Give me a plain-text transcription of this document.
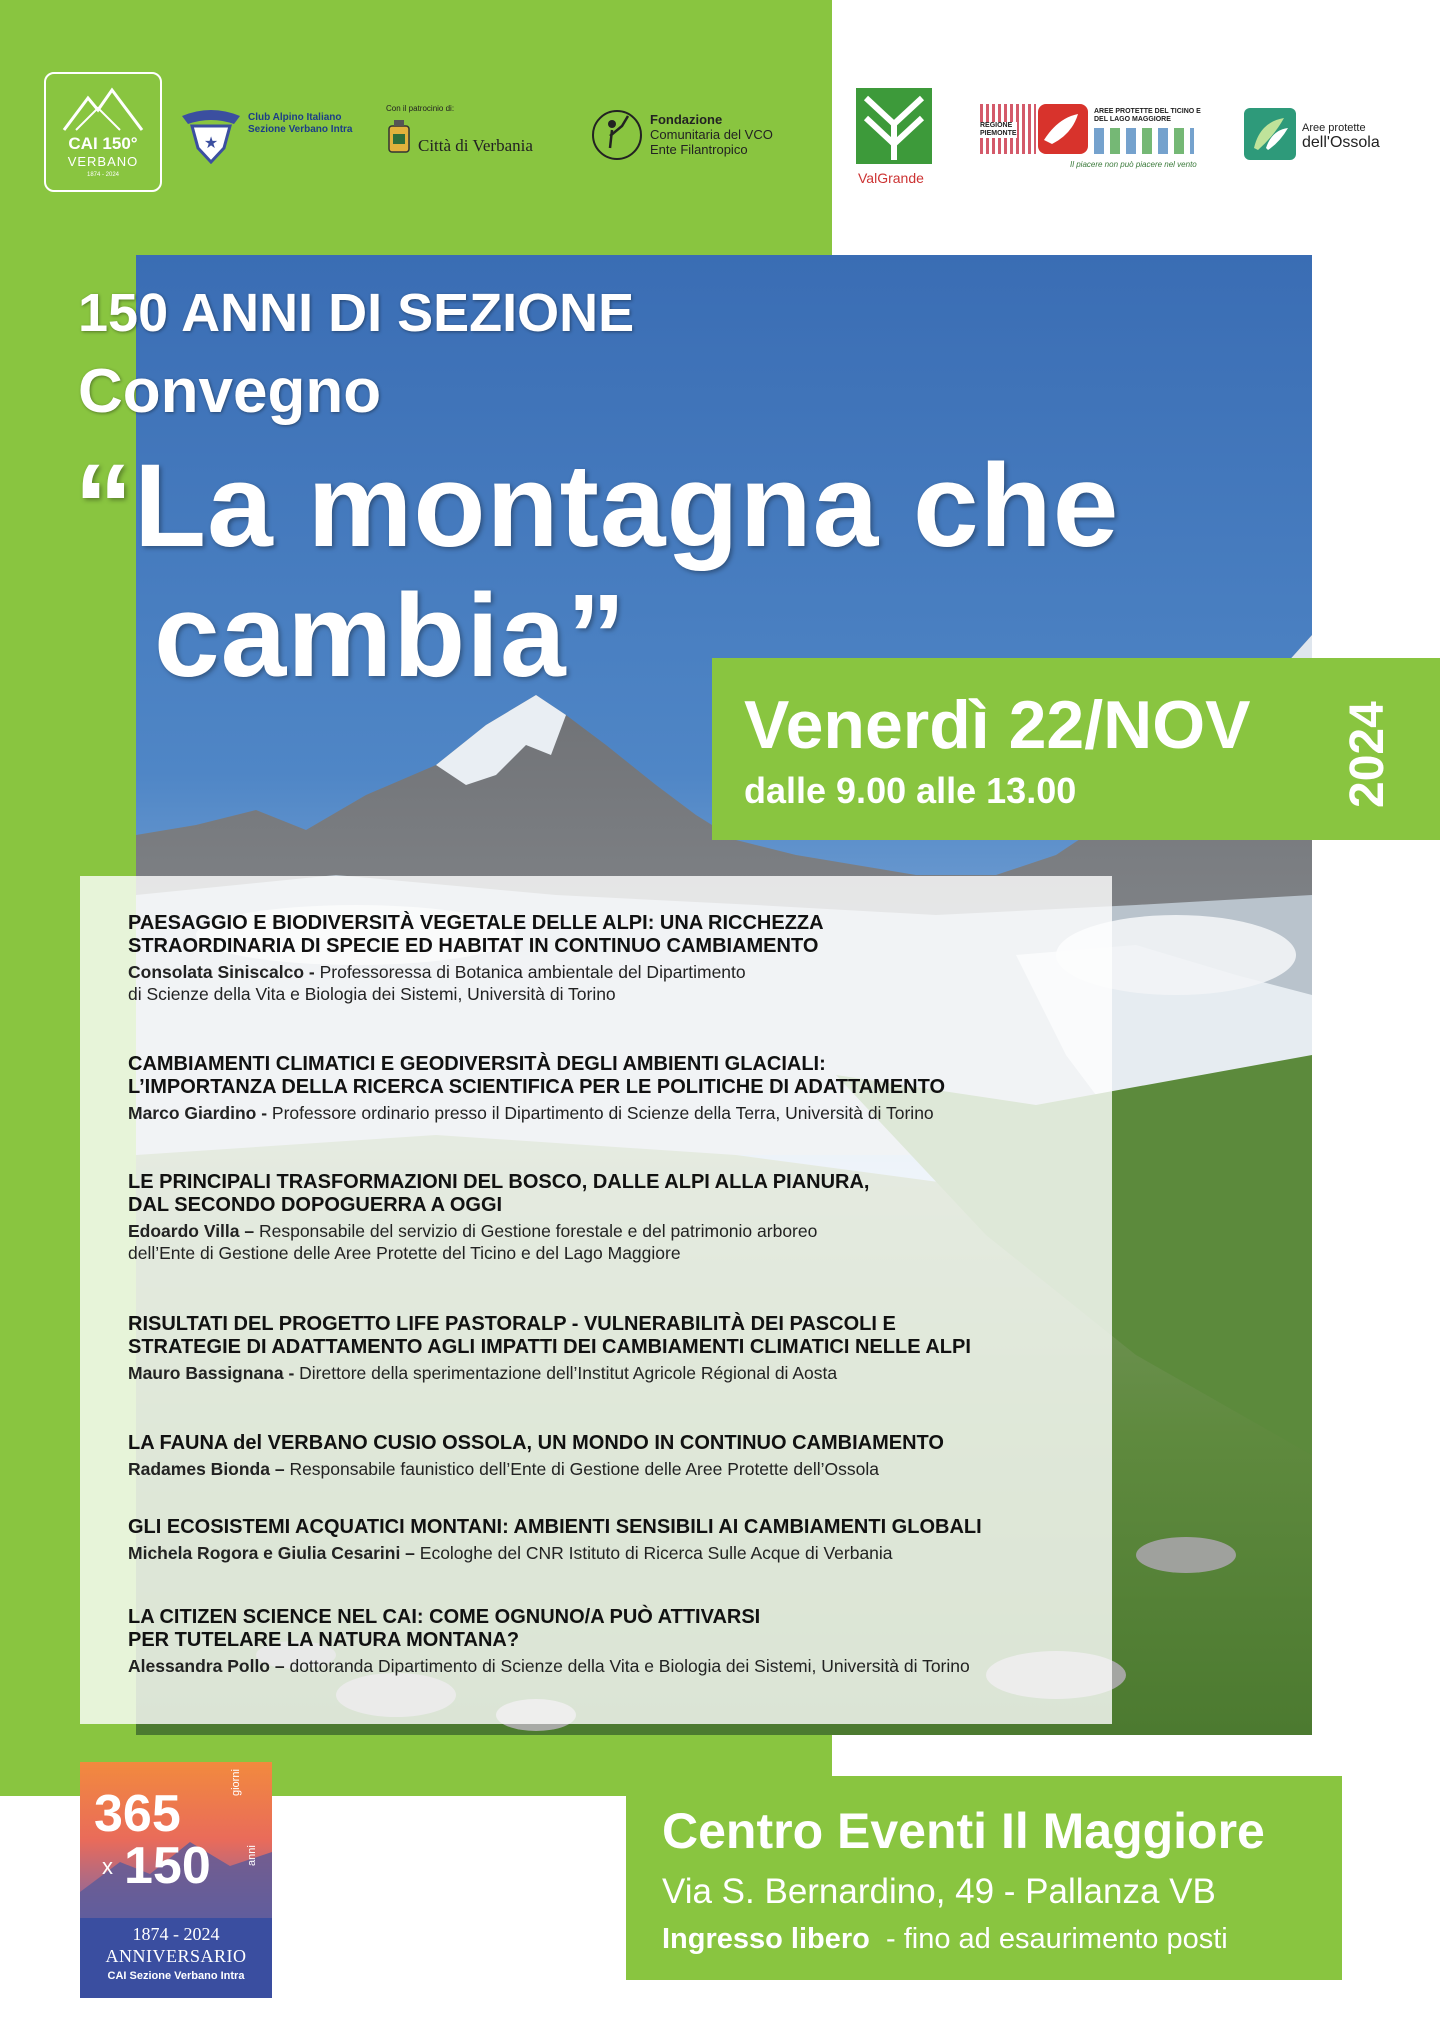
CAI 150°
VERBANO
1874 - 2024
★
Club Alpino Italiano
Sezione Verbano Intra
Con il patrocinio di:
Città di Verbania
Fondazione
Comunitaria del VCO
Ente Filantropico
ValGrande
REGIONE
PIEMONTE
AREE PROTETTE DEL TICINO E DEL LAGO MAGGIORE
Il piacere non può piacere nel vento
Aree protette
dell'Ossola
150 ANNI DI SEZIONE
Convegno
“La montagna che
cambia”
Venerdì 22/NOV
dalle 9.00 alle 13.00	2024
PAESAGGIO E BIODIVERSITÀ VEGETALE DELLE ALPI: UNA RICCHEZZA
STRAORDINARIA DI SPECIE ED HABITAT IN CONTINUO CAMBIAMENTO
Consolata Siniscalco - Professoressa di Botanica ambientale del Dipartimento
di Scienze della Vita e Biologia dei Sistemi, Università di Torino
CAMBIAMENTI CLIMATICI E GEODIVERSITÀ DEGLI AMBIENTI GLACIALI:
L’IMPORTANZA DELLA RICERCA SCIENTIFICA PER LE POLITICHE DI ADATTAMENTO
Marco Giardino - Professore ordinario presso il Dipartimento di Scienze della Terra, Università di Torino
LE PRINCIPALI TRASFORMAZIONI DEL BOSCO, DALLE ALPI ALLA PIANURA,
DAL SECONDO DOPOGUERRA A OGGI
Edoardo Villa – Responsabile del servizio di Gestione forestale e del patrimonio arboreo
dell’Ente di Gestione delle Aree Protette del Ticino e del Lago Maggiore
RISULTATI DEL PROGETTO LIFE PASTORALP - VULNERABILITÀ DEI PASCOLI E
STRATEGIE DI ADATTAMENTO AGLI IMPATTI DEI CAMBIAMENTI CLIMATICI NELLE ALPI
Mauro Bassignana - Direttore della sperimentazione dell’Institut Agricole Régional di Aosta
LA FAUNA del VERBANO CUSIO OSSOLA, UN MONDO IN CONTINUO CAMBIAMENTO
Radames Bionda – Responsabile faunistico dell’Ente di Gestione delle Aree Protette dell’Ossola
GLI ECOSISTEMI ACQUATICI MONTANI: AMBIENTI SENSIBILI AI CAMBIAMENTI GLOBALI
Michela Rogora e Giulia Cesarini – Ecologhe del CNR Istituto di Ricerca Sulle Acque di Verbania
LA CITIZEN SCIENCE NEL CAI: COME OGNUNO/A PUÒ ATTIVARSI
PER TUTELARE LA NATURA MONTANA?
Alessandra Pollo – dottoranda Dipartimento di Scienze della Vita e Biologia dei Sistemi, Università di Torino
Centro Eventi Il Maggiore
Via S. Bernardino, 49 - Pallanza VB
Ingresso libero  - fino ad esaurimento posti
365
giorni
x 150	anni
1874 - 2024
ANNIVERSARIO
CAI Sezione Verbano Intra
